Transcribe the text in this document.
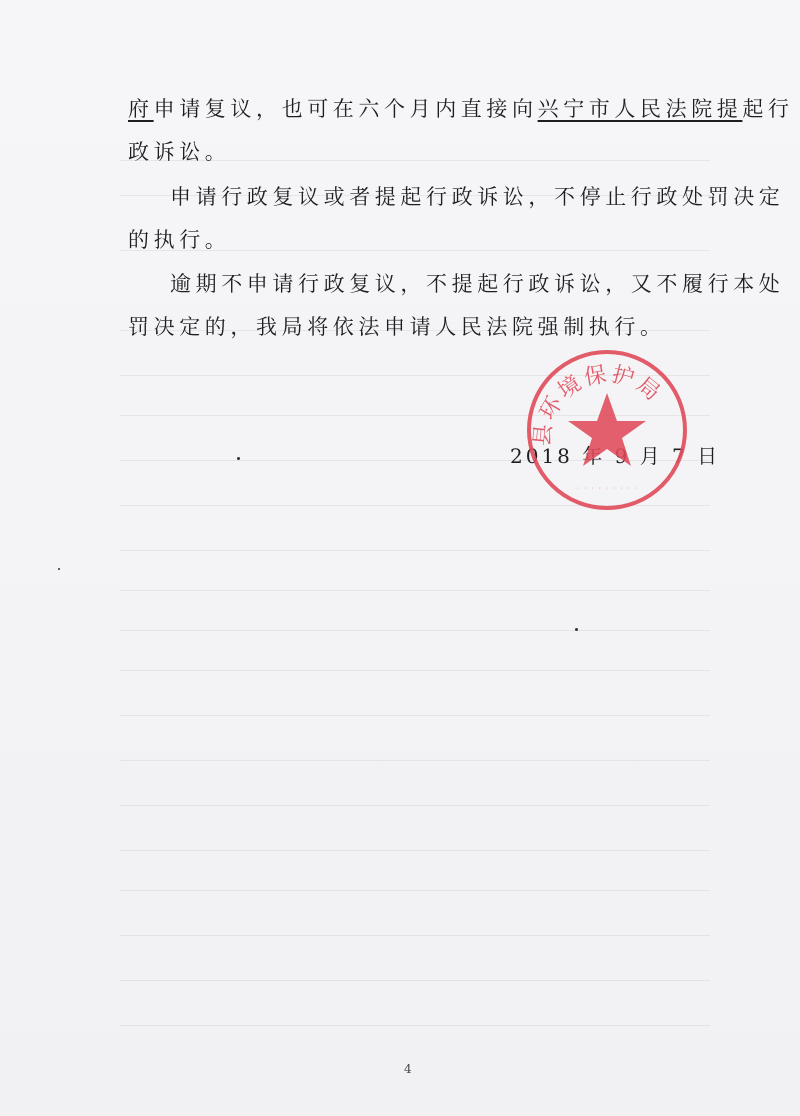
府申请复议，也可在六个月内直接向兴宁市人民法院提起行
政诉讼。
申请行政复议或者提起行政诉讼，不停止行政处罚决定
的执行。
逾期不申请行政复议，不提起行政诉讼，又不履行本处
罚决定的，我局将依法申请人民法院强制执行。
2018 年 9 月 7 日
县环境保护局
· · · · · · · · ·
4
